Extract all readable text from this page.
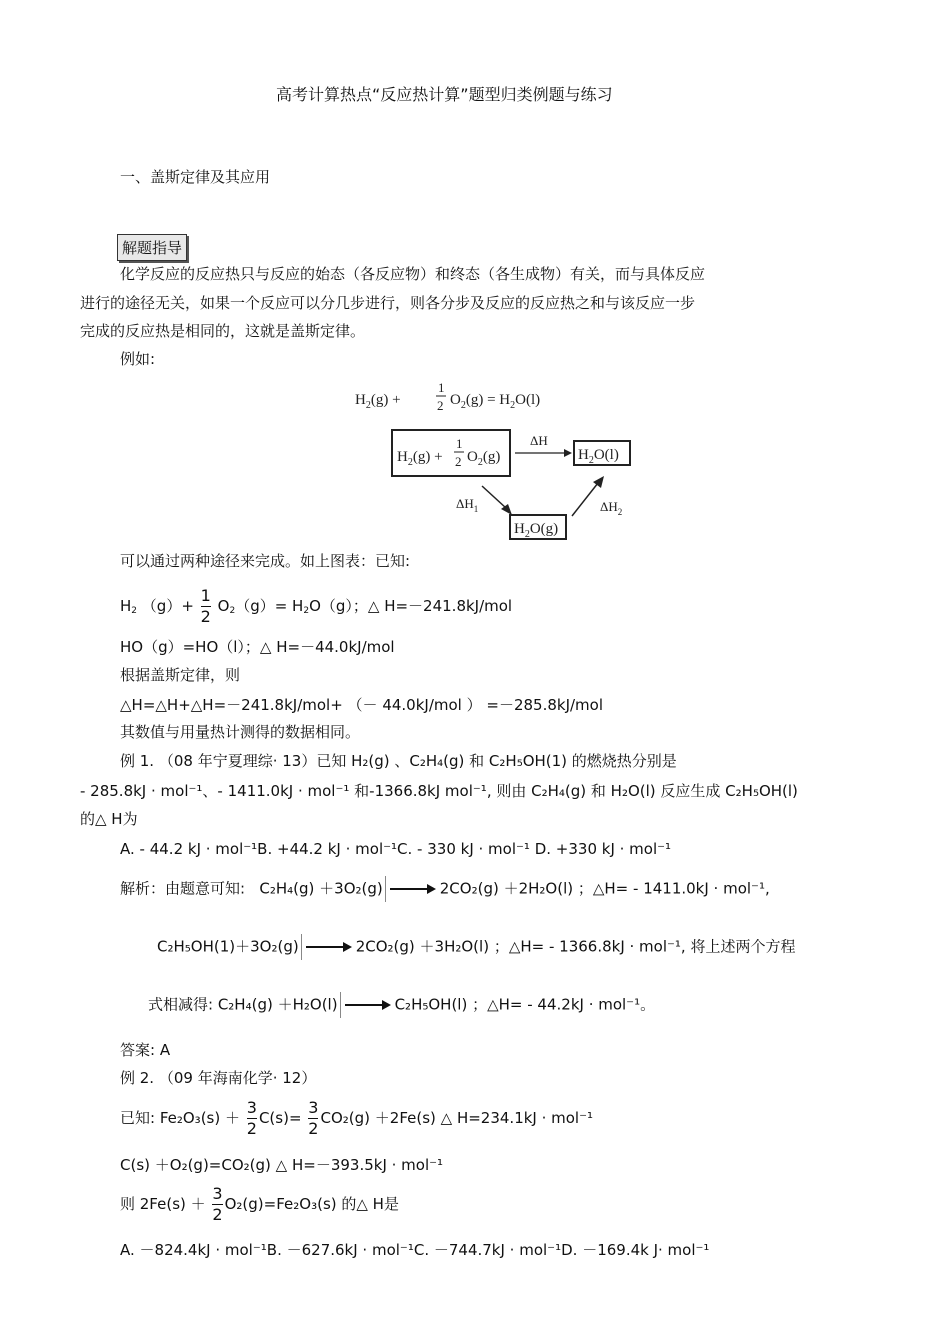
高考计算热点“反应热计算”题型归类例题与练习
一、盖斯定律及其应用
解题指导
化学反应的反应热只与反应的始态（各反应物）和终态（各生成物）有关，而与具体反应
进行的途径无关，如果一个反应可以分几步进行，则各分步及反应的反应热之和与该反应一步
完成的反应热是相同的，这就是盖斯定律。
例如:
$H_2(g)$ +
1
2 $O_2(g) = H_2O(l)$
$H_2(g)$ +
1
2 $O_2(g)$
ΔH
$H_2O(l)$
$\Delta H_1$
$H_2O(g)$
$\Delta H_2$
可以通过两种途径来完成。如上图表：已知:
$H_2$ $(g)+ \frac{1}{2} O_2(g)= H_2O(g)$；△ H=－241.8kJ/mol
HO（g）=HO（l）；△ H=－44.0kJ/mol
根据盖斯定律，则
△H=△H+△H=－241.8kJ/mol+ （－ 44.0kJ/mol ） =－285.8kJ/mol
其数值与用量热计测得的数据相同。
例 1. （08 年宁夏理综· 13）已知 H₂(g) 、C₂H₄(g) 和 C₂H₅OH(1) 的燃烧热分别是
- 285.8kJ · mol⁻¹、- 1411.0kJ · mol⁻¹ 和-1366.8kJ mol⁻¹, 则由 C₂H₄(g) 和 H₂O(l) 反应生成 C₂H₅OH(l)
的△ H为
A. - 44.2 kJ · mol⁻¹B. +44.2 kJ · mol⁻¹C. - 330 kJ · mol⁻¹ D. +330 kJ · mol⁻¹
解析：由题意可知: C₂H₄(g) ＋3O₂(g)	2CO₂(g) ＋2H₂O(l) ；△H= - 1411.0kJ · mol⁻¹,
C₂H₅OH(1)＋3O₂(g)	2CO₂(g) ＋3H₂O(l) ；△H= - 1366.8kJ · mol⁻¹, 将上述两个方程
式相减得: C₂H₄(g) ＋H₂O(l)	C₂H₅OH(l) ；△H= - 44.2kJ · mol⁻¹。
答案: A
例 2. （09 年海南化学· 12）
已知: $Fe_2O_3(s) + \frac{3}{2} C(s)= \frac{3}{2} CO_2(g) +2Fe(s)$ △ H=234.1kJ · mol⁻¹
C(s) ＋O₂(g)=CO₂(g) △ H=－393.5kJ · mol⁻¹
则 $2Fe(s) + \frac{3}{2} O_2(g)=Fe_2O_3(s)$ 的△ H是
A. －824.4kJ · mol⁻¹B. －627.6kJ · mol⁻¹C. －744.7kJ · mol⁻¹D. －169.4k J· mol⁻¹
